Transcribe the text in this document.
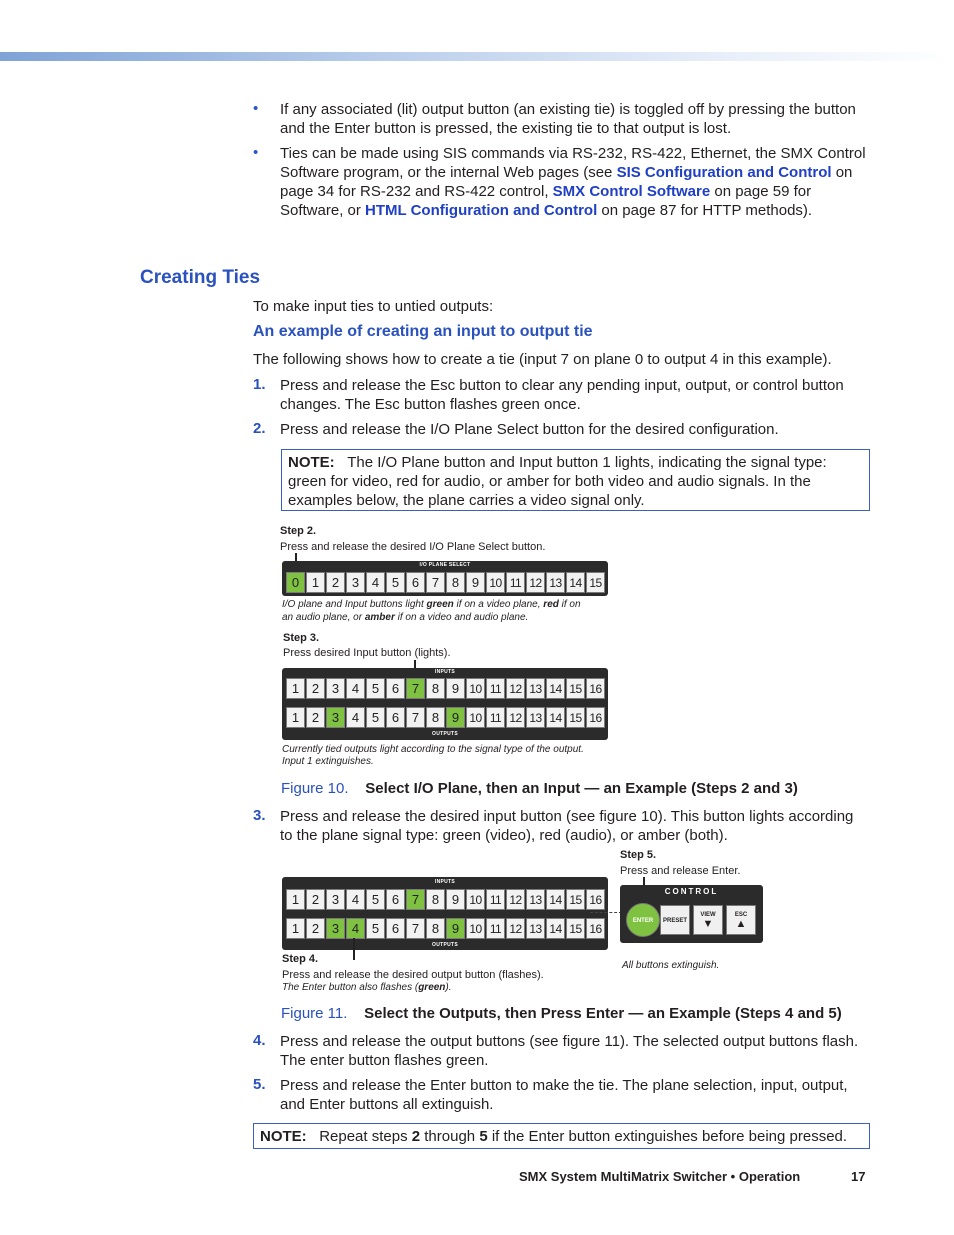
• If any associated (lit) output button (an existing tie) is toggled off by pressing the button and the Enter button is pressed, the existing tie to that output is lost.
• Ties can be made using SIS commands via RS-232, RS-422, Ethernet, the SMX Control Software program, or the internal Web pages (see SIS Configuration and Control on page 34 for RS-232 and RS-422 control, SMX Control Software on page 59 for Software, or HTML Configuration and Control on page 87 for HTTP methods).
Creating Ties
To make input ties to untied outputs:
An example of creating an input to output tie
The following shows how to create a tie (input 7 on plane 0 to output 4 in this example).
1. Press and release the Esc button to clear any pending input, output, or control button changes. The Esc button flashes green once.
2. Press and release the I/O Plane Select button for the desired configuration.
NOTE: The I/O Plane button and Input button 1 lights, indicating the signal type: green for video, red for audio, or amber for both video and audio signals. In the examples below, the plane carries a video signal only.
Step 2.
Press and release the desired I/O Plane Select button.
I/O PLANE SELECT
0 1 2 3 4 5 6 7 8 9 10 11 12 13 14 15
I/O plane and Input buttons light green if on a video plane, red if on
an audio plane, or amber if on a video and audio plane.
Step 3.
Press desired Input button (lights).
INPUTS
1 2 3 4 5 6 7 8 9 10 11 12 13 14 15 16
1 2 3 4 5 6 7 8 9 10 11 12 13 14 15 16
OUTPUTS
Currently tied outputs light according to the signal type of the output.
Input 1 extinguishes.
Figure 10. Select I/O Plane, then an Input — an Example (Steps 2 and 3)
3. Press and release the desired input button (see figure 10). This button lights according to the plane signal type: green (video), red (audio), or amber (both).
Step 5.
Press and release Enter.
INPUTS
1 2 3 4 5 6 7 8 9 10 11 12 13 14 15 16
1 2 3 4 5 6 7 8 9 10 11 12 13 14 15 16
OUTPUTS
CONTROL
ENTER	PRESET
VIEW
▼
ESC
▲
All buttons extinguish.
Step 4.
Press and release the desired output button (flashes).
The Enter button also flashes (green).
Figure 11. Select the Outputs, then Press Enter — an Example (Steps 4 and 5)
4. Press and release the output buttons (see figure 11). The selected output buttons flash. The enter button flashes green.
5. Press and release the Enter button to make the tie. The plane selection, input, output, and Enter buttons all extinguish.
NOTE: Repeat steps 2 through 5 if the Enter button extinguishes before being pressed.
SMX System MultiMatrix Switcher • Operation	17
